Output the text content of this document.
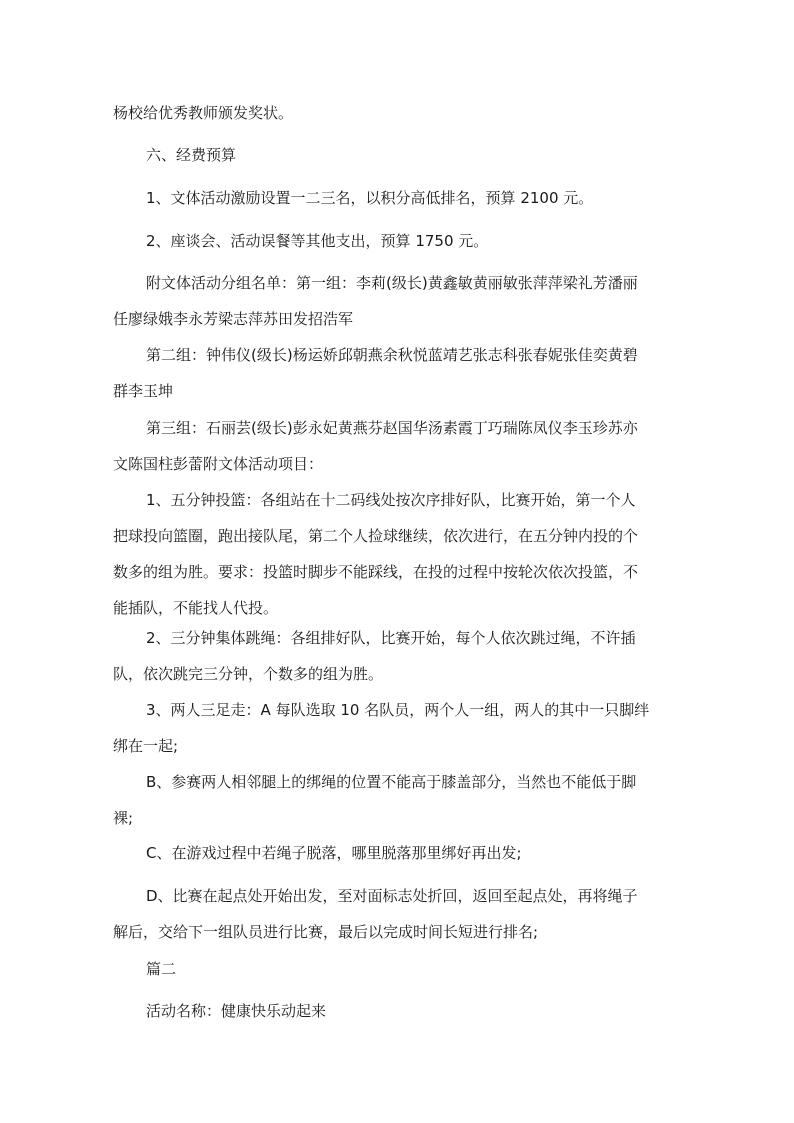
杨校给优秀教师颁发奖状。

六、经费预算

1、文体活动激励设置一二三名，以积分高低排名，预算 2100 元。

2、座谈会、活动误餐等其他支出，预算 1750 元。

附文体活动分组名单：第一组：李莉(级长)黄鑫敏黄丽敏张萍萍梁礼芳潘丽
任廖绿娥李永芳梁志萍苏田发招浩军

第二组：钟伟仪(级长)杨运娇邱朝燕余秋悦蓝靖艺张志科张春妮张佳奕黄碧
群李玉坤

第三组：石丽芸(级长)彭永妃黄燕芬赵国华汤素霞丁巧瑞陈凤仪李玉珍苏亦
文陈国柱彭蕾附文体活动项目：

1、五分钟投篮：各组站在十二码线处按次序排好队，比赛开始，第一个人
把球投向篮圈，跑出接队尾，第二个人捡球继续，依次进行，在五分钟内投的个
数多的组为胜。要求：投篮时脚步不能踩线，在投的过程中按轮次依次投篮，不
能插队，不能找人代投。

2、三分钟集体跳绳：各组排好队，比赛开始，每个人依次跳过绳，不许插
队，依次跳完三分钟，个数多的组为胜。

3、两人三足走：A 每队选取 10 名队员，两个人一组，两人的其中一只脚绊
绑在一起;

B、参赛两人相邻腿上的绑绳的位置不能高于膝盖部分，当然也不能低于脚
裸;

C、在游戏过程中若绳子脱落，哪里脱落那里绑好再出发;

D、比赛在起点处开始出发，至对面标志处折回，返回至起点处，再将绳子
解后，交给下一组队员进行比赛，最后以完成时间长短进行排名;

篇二

活动名称：健康快乐动起来
